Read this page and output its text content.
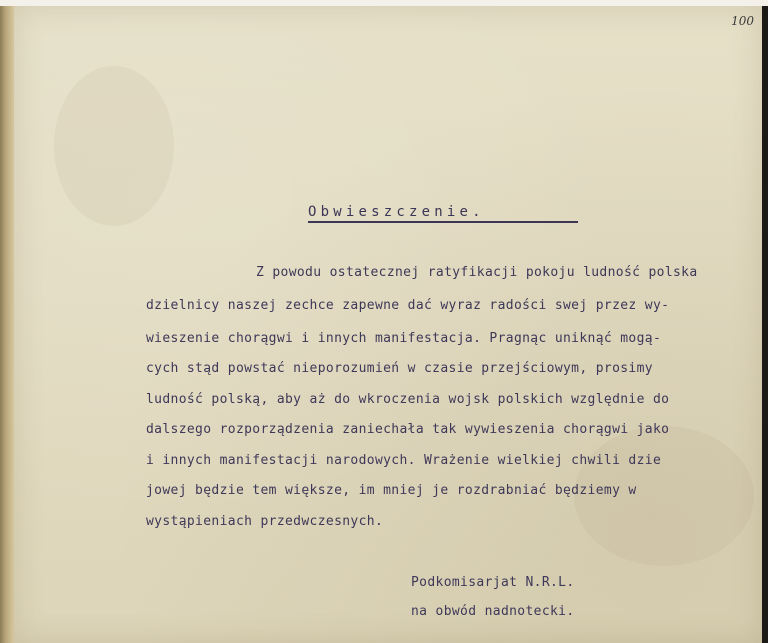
100
Obwieszczenie.
Z powodu ostatecznej ratyfikacji pokoju ludność polska
dzielnicy naszej zechce zapewne dać wyraz radości swej przez wy-
wieszenie chorągwi i innych manifestacja. Pragnąc uniknąć mogą-
cych stąd powstać nieporozumień w czasie przejściowym, prosimy
ludność polską, aby aż do wkroczenia wojsk polskich względnie do
dalszego rozporządzenia zaniechała tak wywieszenia chorągwi jako
i innych manifestacji narodowych. Wrażenie wielkiej chwili dzie
jowej będzie tem większe, im mniej je rozdrabniać będziemy w
wystąpieniach przedwczesnych.
Podkomisarjat N.R.L.
na obwód nadnotecki.
